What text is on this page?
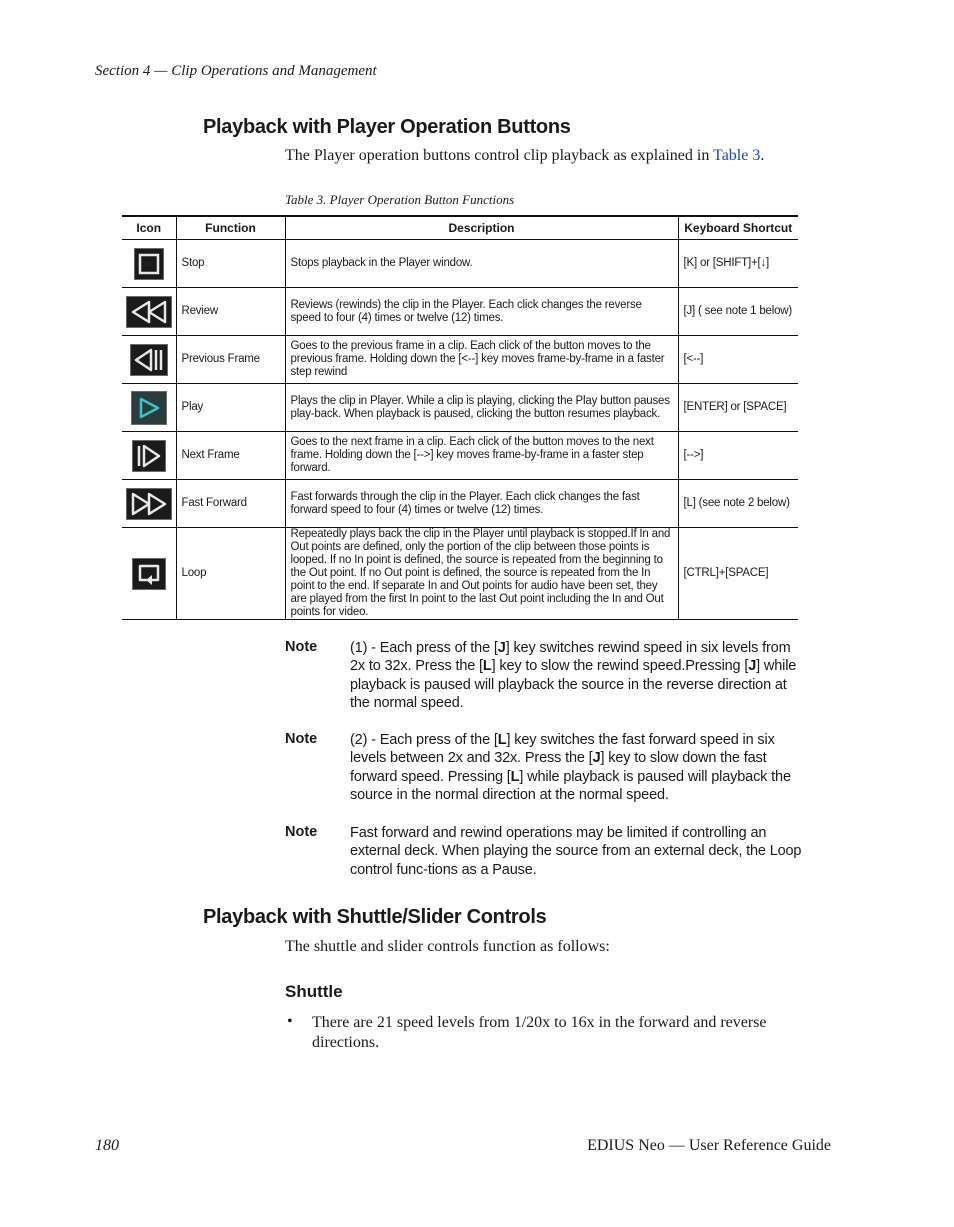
Section 4 — Clip Operations and Management
Playback with Player Operation Buttons
The Player operation buttons control clip playback as explained in Table 3.
Table 3. Player Operation Button Functions
Icon	Function	Description	Keyboard Shortcut
	Stop	Stops playback in the Player window.	[K] or [SHIFT]+[↓]
	Review	Reviews (rewinds) the clip in the Player. Each click changes the reverse speed to four (4) times or twelve (12) times.	[J] ( see note 1 below)
	Previous Frame	Goes to the previous frame in a clip. Each click of the button moves to the previous frame. Holding down the [<--] key moves frame-by-frame in a faster step rewind	[<--]
	Play	Plays the clip in Player. While a clip is playing, clicking the Play button pauses play-back. When playback is paused, clicking the button resumes playback.	[ENTER] or [SPACE]
	Next Frame	Goes to the next frame in a clip. Each click of the button moves to the next frame. Holding down the [-->] key moves frame-by-frame in a faster step forward.	[-->]
	Fast Forward	Fast forwards through the clip in the Player. Each click changes the fast forward speed to four (4) times or twelve (12) times.	[L] (see note 2 below)
	Loop	Repeatedly plays back the clip in the Player until playback is stopped.If In and Out points are defined, only the portion of the clip between those points is looped. If no In point is defined, the source is repeated from the beginning to the Out point. If no Out point is defined, the source is repeated from the In point to the end. If separate In and Out points for audio have been set, they are played from the first In point to the last Out point including the In and Out points for video.	[CTRL]+[SPACE]
Note (1) - Each press of the [J] key switches rewind speed in six levels from 2x to 32x. Press the [L] key to slow the rewind speed.Pressing [J] while playback is paused will playback the source in the reverse direction at the normal speed.
Note (2) - Each press of the [L] key switches the fast forward speed in six levels between 2x and 32x. Press the [J] key to slow down the fast forward speed. Pressing [L] while playback is paused will playback the source in the normal direction at the normal speed.
Note Fast forward and rewind operations may be limited if controlling an external deck. When playing the source from an external deck, the Loop control func-tions as a Pause.
Playback with Shuttle/Slider Controls
The shuttle and slider controls function as follows:
Shuttle
• There are 21 speed levels from 1/20x to 16x in the forward and reverse directions.
180	EDIUS Neo — User Reference Guide
